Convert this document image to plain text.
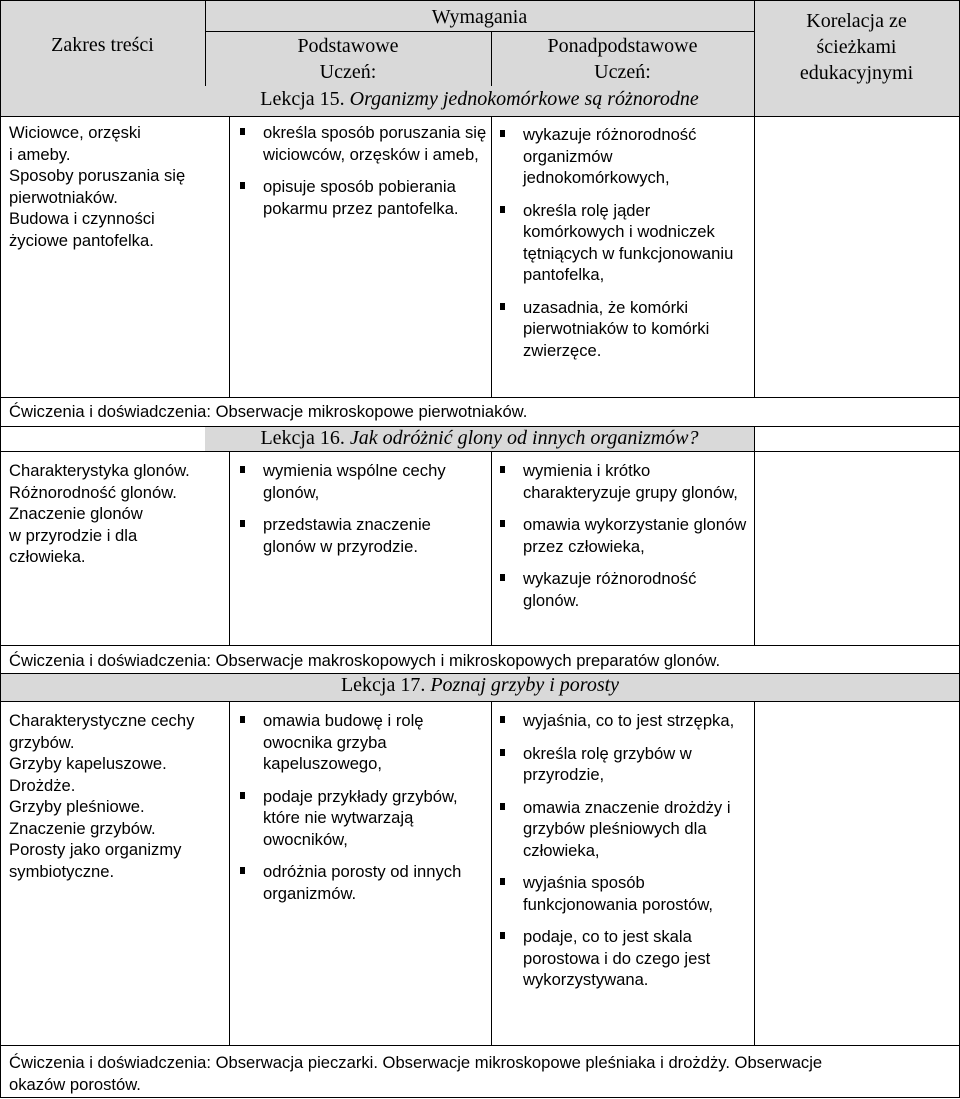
Zakres treści
Wymagania
Podstawowe
Uczeń:
Ponadpodstawowe
Uczeń:
Korelacja ze
ścieżkami
edukacyjnymi
Lekcja 15. Organizmy jednokomórkowe są różnorodne

Wiciowce, orzęski

i ameby.

Sposoby poruszania się

pierwotniaków.

Budowa i czynności

życiowe pantofelka.

określa sposób poruszania się wiciowców, orzęsków i ameb,
opisuje sposób pobierania pokarmu przez pantofelka.
wykazuje różnorodność organizmów jednokomórkowych,
określa rolę jąder komórkowych i wodniczek tętniących w funkcjonowaniu pantofelka,
uzasadnia, że komórki pierwotniaków to komórki zwierzęce.
Ćwiczenia i doświadczenia: Obserwacje mikroskopowe pierwotniaków.
Lekcja 16. Jak odróżnić glony od innych organizmów?

Charakterystyka glonów.

Różnorodność glonów.

Znaczenie glonów

w przyrodzie i dla

człowieka.

wymienia wspólne cechy glonów,
przedstawia znaczenie glonów w przyrodzie.
wymienia i krótko charakteryzuje grupy glonów,
omawia wykorzystanie glonów przez człowieka,
wykazuje różnorodność glonów.
Ćwiczenia i doświadczenia: Obserwacje makroskopowych i mikroskopowych preparatów glonów.
Lekcja 17. Poznaj grzyby i porosty

Charakterystyczne cechy

grzybów.

Grzyby kapeluszowe.

Drożdże.

Grzyby pleśniowe.

Znaczenie grzybów.

Porosty jako organizmy

symbiotyczne.

omawia budowę i rolę owocnika grzyba kapeluszowego,
podaje przykłady grzybów, które nie wytwarzają owocników,
odróżnia porosty od innych organizmów.
wyjaśnia, co to jest strzępka,
określa rolę grzybów w przyrodzie,
omawia znaczenie drożdży i grzybów pleśniowych dla człowieka,
wyjaśnia sposób funkcjonowania porostów,
podaje, co to jest skala porostowa i do czego jest wykorzystywana.
Ćwiczenia i doświadczenia: Obserwacja pieczarki. Obserwacje mikroskopowe pleśniaka i drożdży. Obserwacje
okazów porostów.
